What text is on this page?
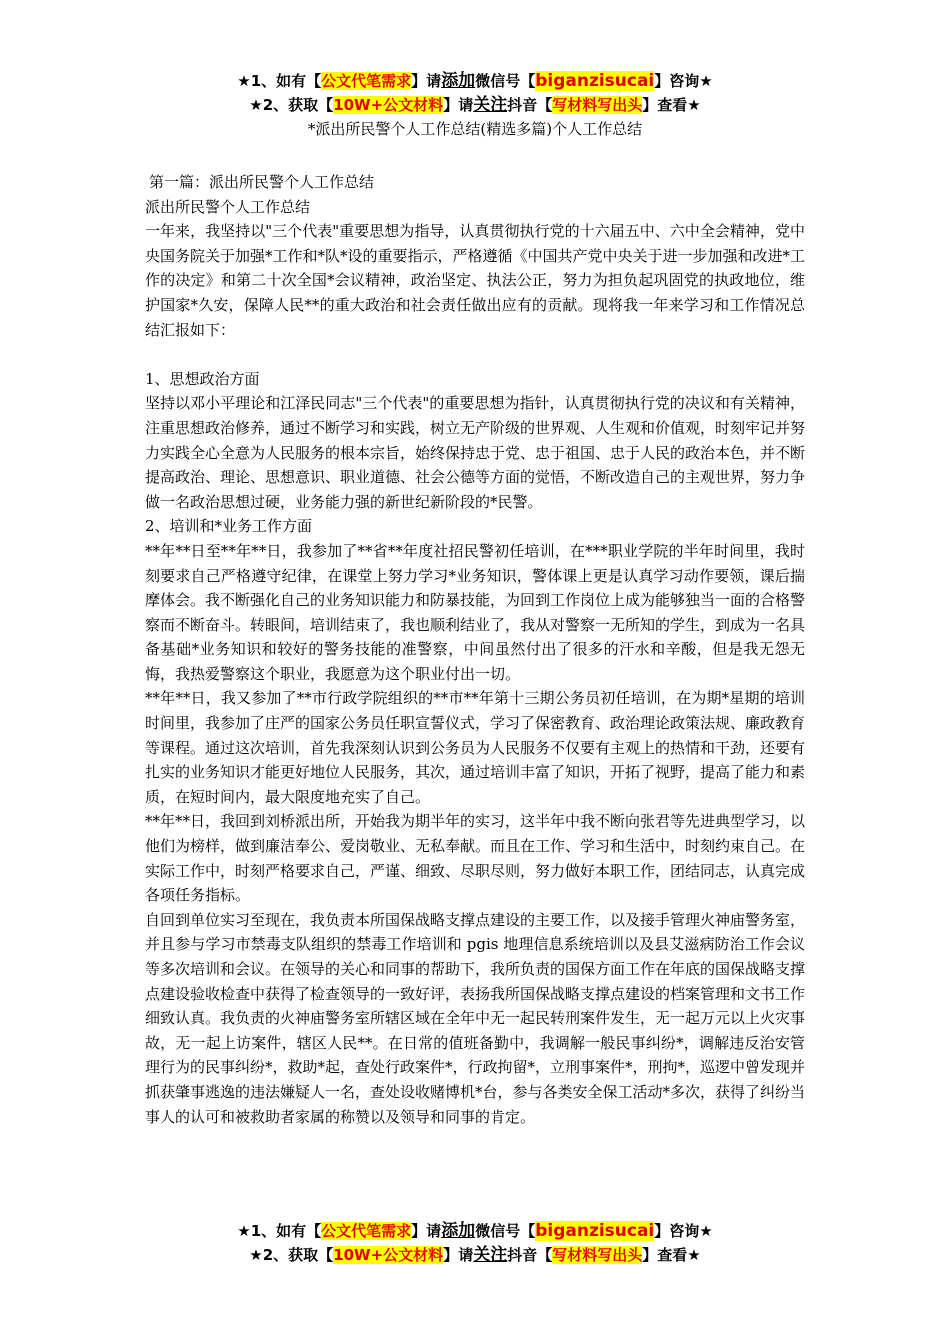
★1、如有【公文代笔需求】请添加微信号【biganzisucai】咨询★
★2、获取【10W+公文材料】请关注抖音【写材料写出头】查看★
*派出所民警个人工作总结(精选多篇)个人工作总结

第一篇：派出所民警个人工作总结

派出所民警个人工作总结

一年来，我坚持以"三个代表"重要思想为指导，认真贯彻执行党的十六届五中、六中全会精神，党中央国务院关于加强*工作和*队*设的重要指示，严格遵循《中国共产党中央关于进一步加强和改进*工作的决定》和第二十次全国*会议精神，政治坚定、执法公正，努力为担负起巩固党的执政地位，维护国家*久安，保障人民**的重大政治和社会责任做出应有的贡献。现将我一年来学习和工作情况总结汇报如下：

1、思想政治方面

坚持以邓小平理论和江泽民同志"三个代表"的重要思想为指针，认真贯彻执行党的决议和有关精神，注重思想政治修养，通过不断学习和实践，树立无产阶级的世界观、人生观和价值观，时刻牢记并努力实践全心全意为人民服务的根本宗旨，始终保持忠于党、忠于祖国、忠于人民的政治本色，并不断提高政治、理论、思想意识、职业道德、社会公德等方面的觉悟，不断改造自己的主观世界，努力争做一名政治思想过硬，业务能力强的新世纪新阶段的*民警。

2、培训和*业务工作方面

**年**日至**年**日，我参加了**省**年度社招民警初任培训，在***职业学院的半年时间里，我时刻要求自己严格遵守纪律，在课堂上努力学习*业务知识，警体课上更是认真学习动作要领，课后揣摩体会。我不断强化自己的业务知识能力和防暴技能，为回到工作岗位上成为能够独当一面的合格警察而不断奋斗。转眼间，培训结束了，我也顺利结业了，我从对警察一无所知的学生，到成为一名具备基础*业务知识和较好的警务技能的准警察，中间虽然付出了很多的汗水和辛酸，但是我无怨无悔，我热爱警察这个职业，我愿意为这个职业付出一切。

**年**日，我又参加了**市行政学院组织的**市**年第十三期公务员初任培训，在为期*星期的培训时间里，我参加了庄严的国家公务员任职宣誓仪式，学习了保密教育、政治理论政策法规、廉政教育等课程。通过这次培训，首先我深刻认识到公务员为人民服务不仅要有主观上的热情和干劲，还要有扎实的业务知识才能更好地位人民服务，其次，通过培训丰富了知识，开拓了视野，提高了能力和素质，在短时间内，最大限度地充实了自己。

**年**日，我回到刘桥派出所，开始我为期半年的实习，这半年中我不断向张君等先进典型学习，以他们为榜样，做到廉洁奉公、爱岗敬业、无私奉献。而且在工作、学习和生活中，时刻约束自己。在实际工作中，时刻严格要求自己，严谨、细致、尽职尽则，努力做好本职工作，团结同志，认真完成各项任务指标。

自回到单位实习至现在，我负责本所国保战略支撑点建设的主要工作，以及接手管理火神庙警务室，并且参与学习市禁毒支队组织的禁毒工作培训和 pgis 地理信息系统培训以及县艾滋病防治工作会议等多次培训和会议。在领导的关心和同事的帮助下，我所负责的国保方面工作在年底的国保战略支撑点建设验收检查中获得了检查领导的一致好评，表扬我所国保战略支撑点建设的档案管理和文书工作细致认真。我负责的火神庙警务室所辖区域在全年中无一起民转刑案件发生，无一起万元以上火灾事故，无一起上访案件，辖区人民**。在日常的值班备勤中，我调解一般民事纠纷*，调解违反治安管理行为的民事纠纷*，救助*起，查处行政案件*，行政拘留*，立刑事案件*，刑拘*，巡逻中曾发现并抓获肇事逃逸的违法嫌疑人一名，查处设收赌博机*台，参与各类安全保工活动*多次，获得了纠纷当事人的认可和被救助者家属的称赞以及领导和同事的肯定。

★1、如有【公文代笔需求】请添加微信号【biganzisucai】咨询★
★2、获取【10W+公文材料】请关注抖音【写材料写出头】查看★
